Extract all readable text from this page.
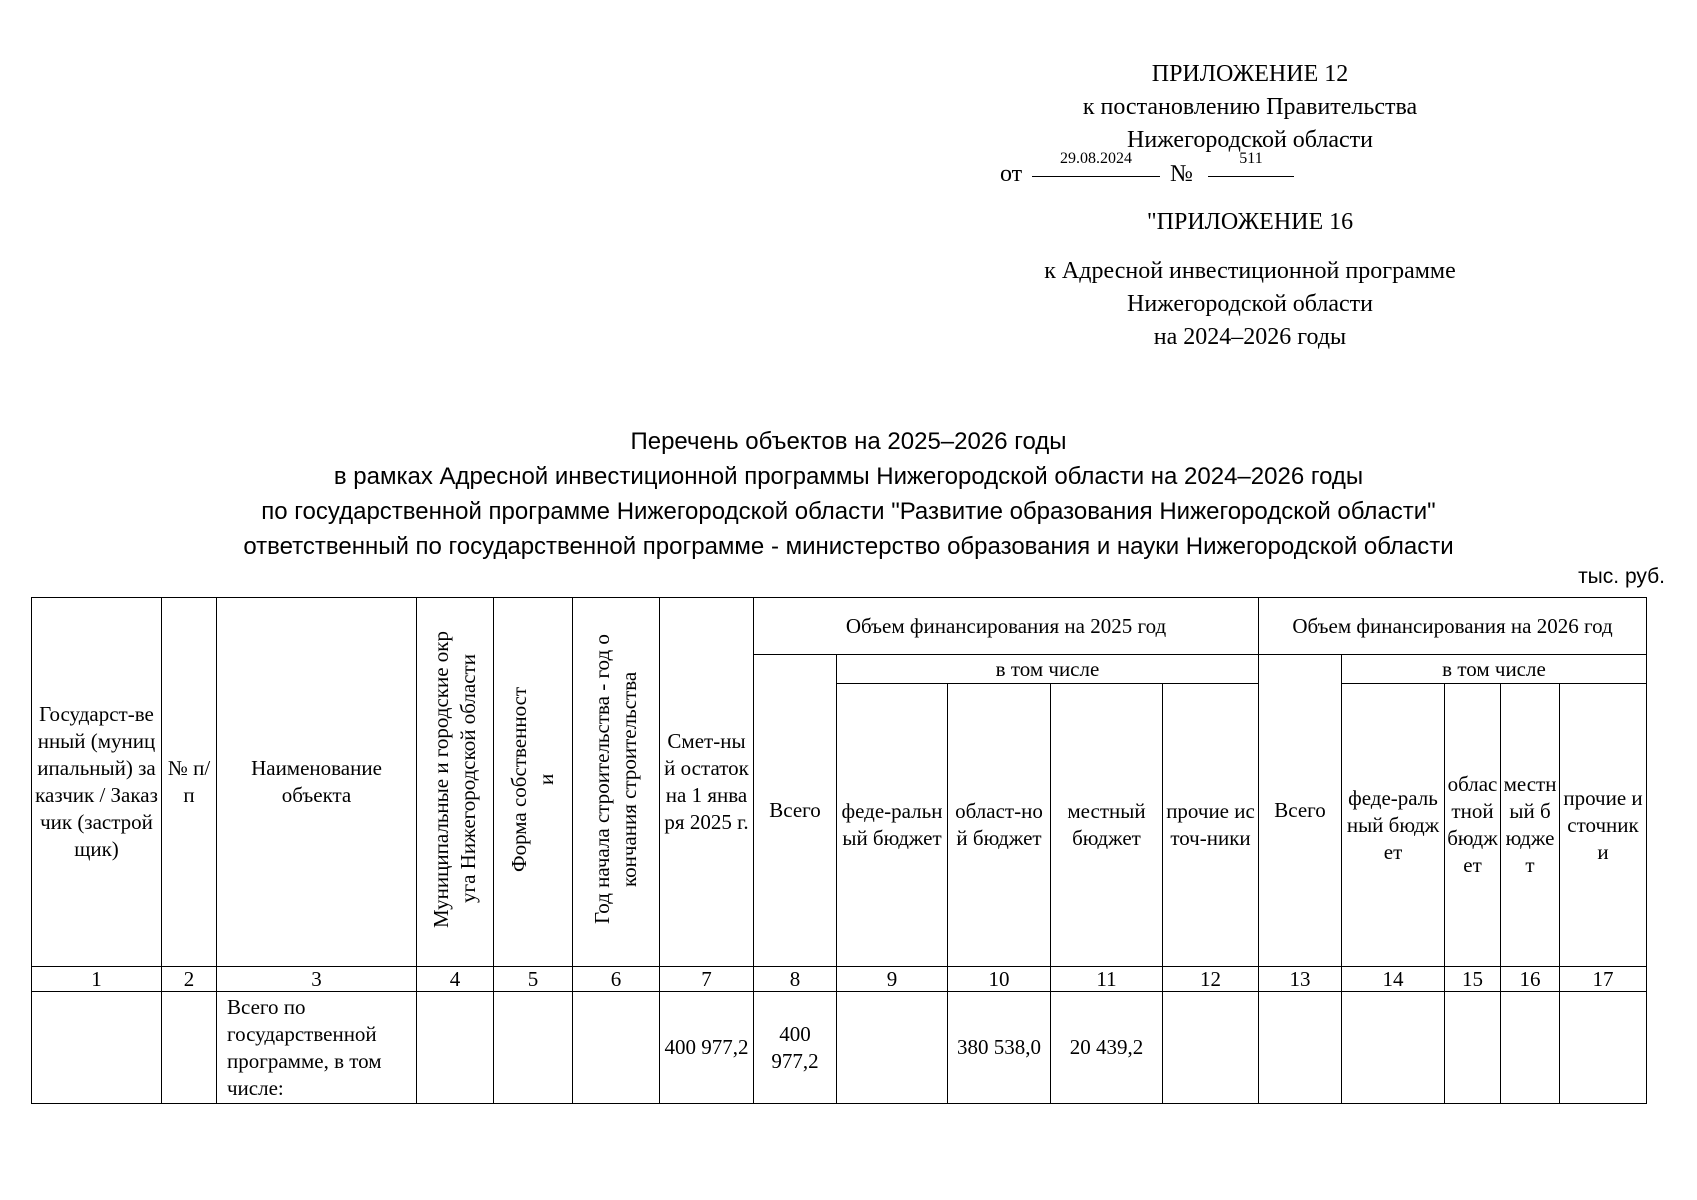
ПРИЛОЖЕНИЕ 12
к постановлению Правительства
Нижегородской области
от
29.08.2024
№
511
"ПРИЛОЖЕНИЕ 16
к Адресной инвестиционной программе
Нижегородской области
на 2024–2026 годы
Перечень объектов на 2025–2026 годы
в рамках Адресной инвестиционной программы Нижегородской области на 2024–2026 годы
по государственной программе Нижегородской области "Развитие образования Нижегородской области"
ответственный по государственной программе - министерство образования и науки Нижегородской области
тыс. руб.
Государст-венный (муниципальный) заказчик / Заказчик (застройщик)	№ п/п	Наименование объекта	Муниципальные и городские округа Нижегородской области	Форма собственности	Год начала строительства - год окончания строительства	Смет-ный остаток на 1 января 2025 г.	Объем финансирования на 2025 год					Объем финансирования на 2026 год				
							Всего	в том числе				Всего	в том числе			
								феде-ральный бюджет	област-ной бюджет	местный бюджет	прочие источ-ники		феде-ральный бюджет	областной бюджет	местный бюджет	прочие источники
1	2	3	4	5	6	7	8	9	10	11	12	13	14	15	16	17
		Всего по государственной программе, в том числе:				400 977,2	400 977,2		380 538,0	20 439,2						
